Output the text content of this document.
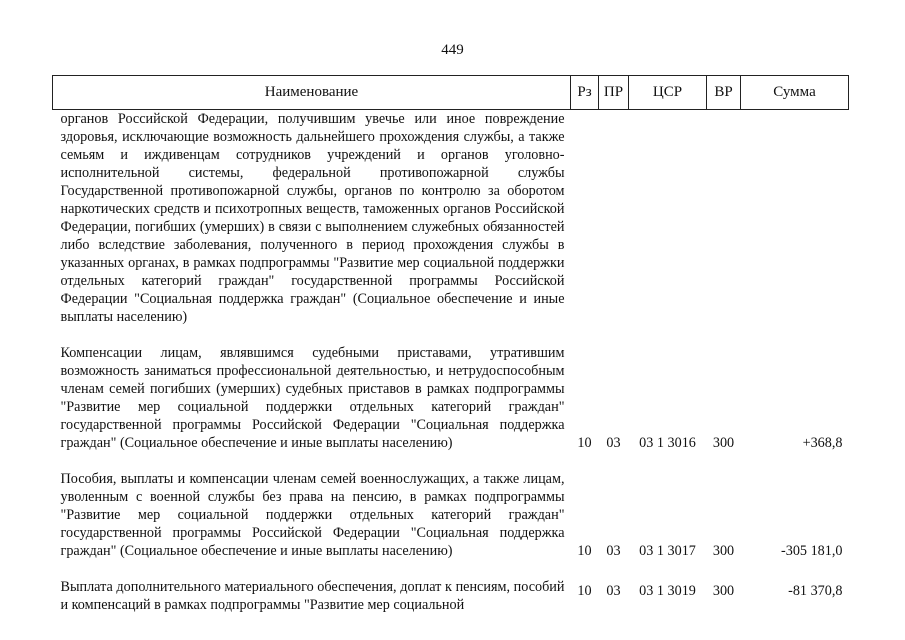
449
Наименование	Рз	ПР	ЦСР	ВР	Сумма
органов Российской Федерации, получившим увечье или иное повреждение здоровья, исключающие возможность дальнейшего прохождения службы, а также семьям и иждивенцам сотрудников учреждений и органов уголовно-исполнительной системы, федеральной противопожарной службы Государственной противопожарной службы, органов по контролю за оборотом наркотических средств и психотропных веществ, таможенных органов Российской Федерации, погибших (умерших) в связи с выполнением служебных обязанностей либо вследствие заболевания, полученного в период прохождения службы в указанных органах, в рамках подпрограммы "Развитие мер социальной поддержки отдельных категорий граждан" государственной программы Российской Федерации "Социальная поддержка граждан" (Социальное обеспечение и иные выплаты населению)					
Компенсации лицам, являвшимся судебными приставами, утратившим возможность заниматься профессиональной деятельностью, и нетрудоспособным членам семей погибших (умерших) судебных приставов в рамках подпрограммы "Развитие мер социальной поддержки отдельных категорий граждан" государственной программы Российской Федерации "Социальная поддержка граждан" (Социальное обеспечение и иные выплаты населению)	10	03	03 1 3016	300	+368,8
Пособия, выплаты и компенсации членам семей военнослужащих, а также лицам, уволенным с военной службы без права на пенсию, в рамках подпрограммы "Развитие мер социальной поддержки отдельных категорий граждан" государственной программы Российской Федерации "Социальная поддержка граждан" (Социальное обеспечение и иные выплаты населению)	10	03	03 1 3017	300	-305 181,0
Выплата дополнительного материального обеспечения, доплат к пенсиям, пособий и компенсаций в рамках подпрограммы "Развитие мер социальной	10	03	03 1 3019	300	-81 370,8
